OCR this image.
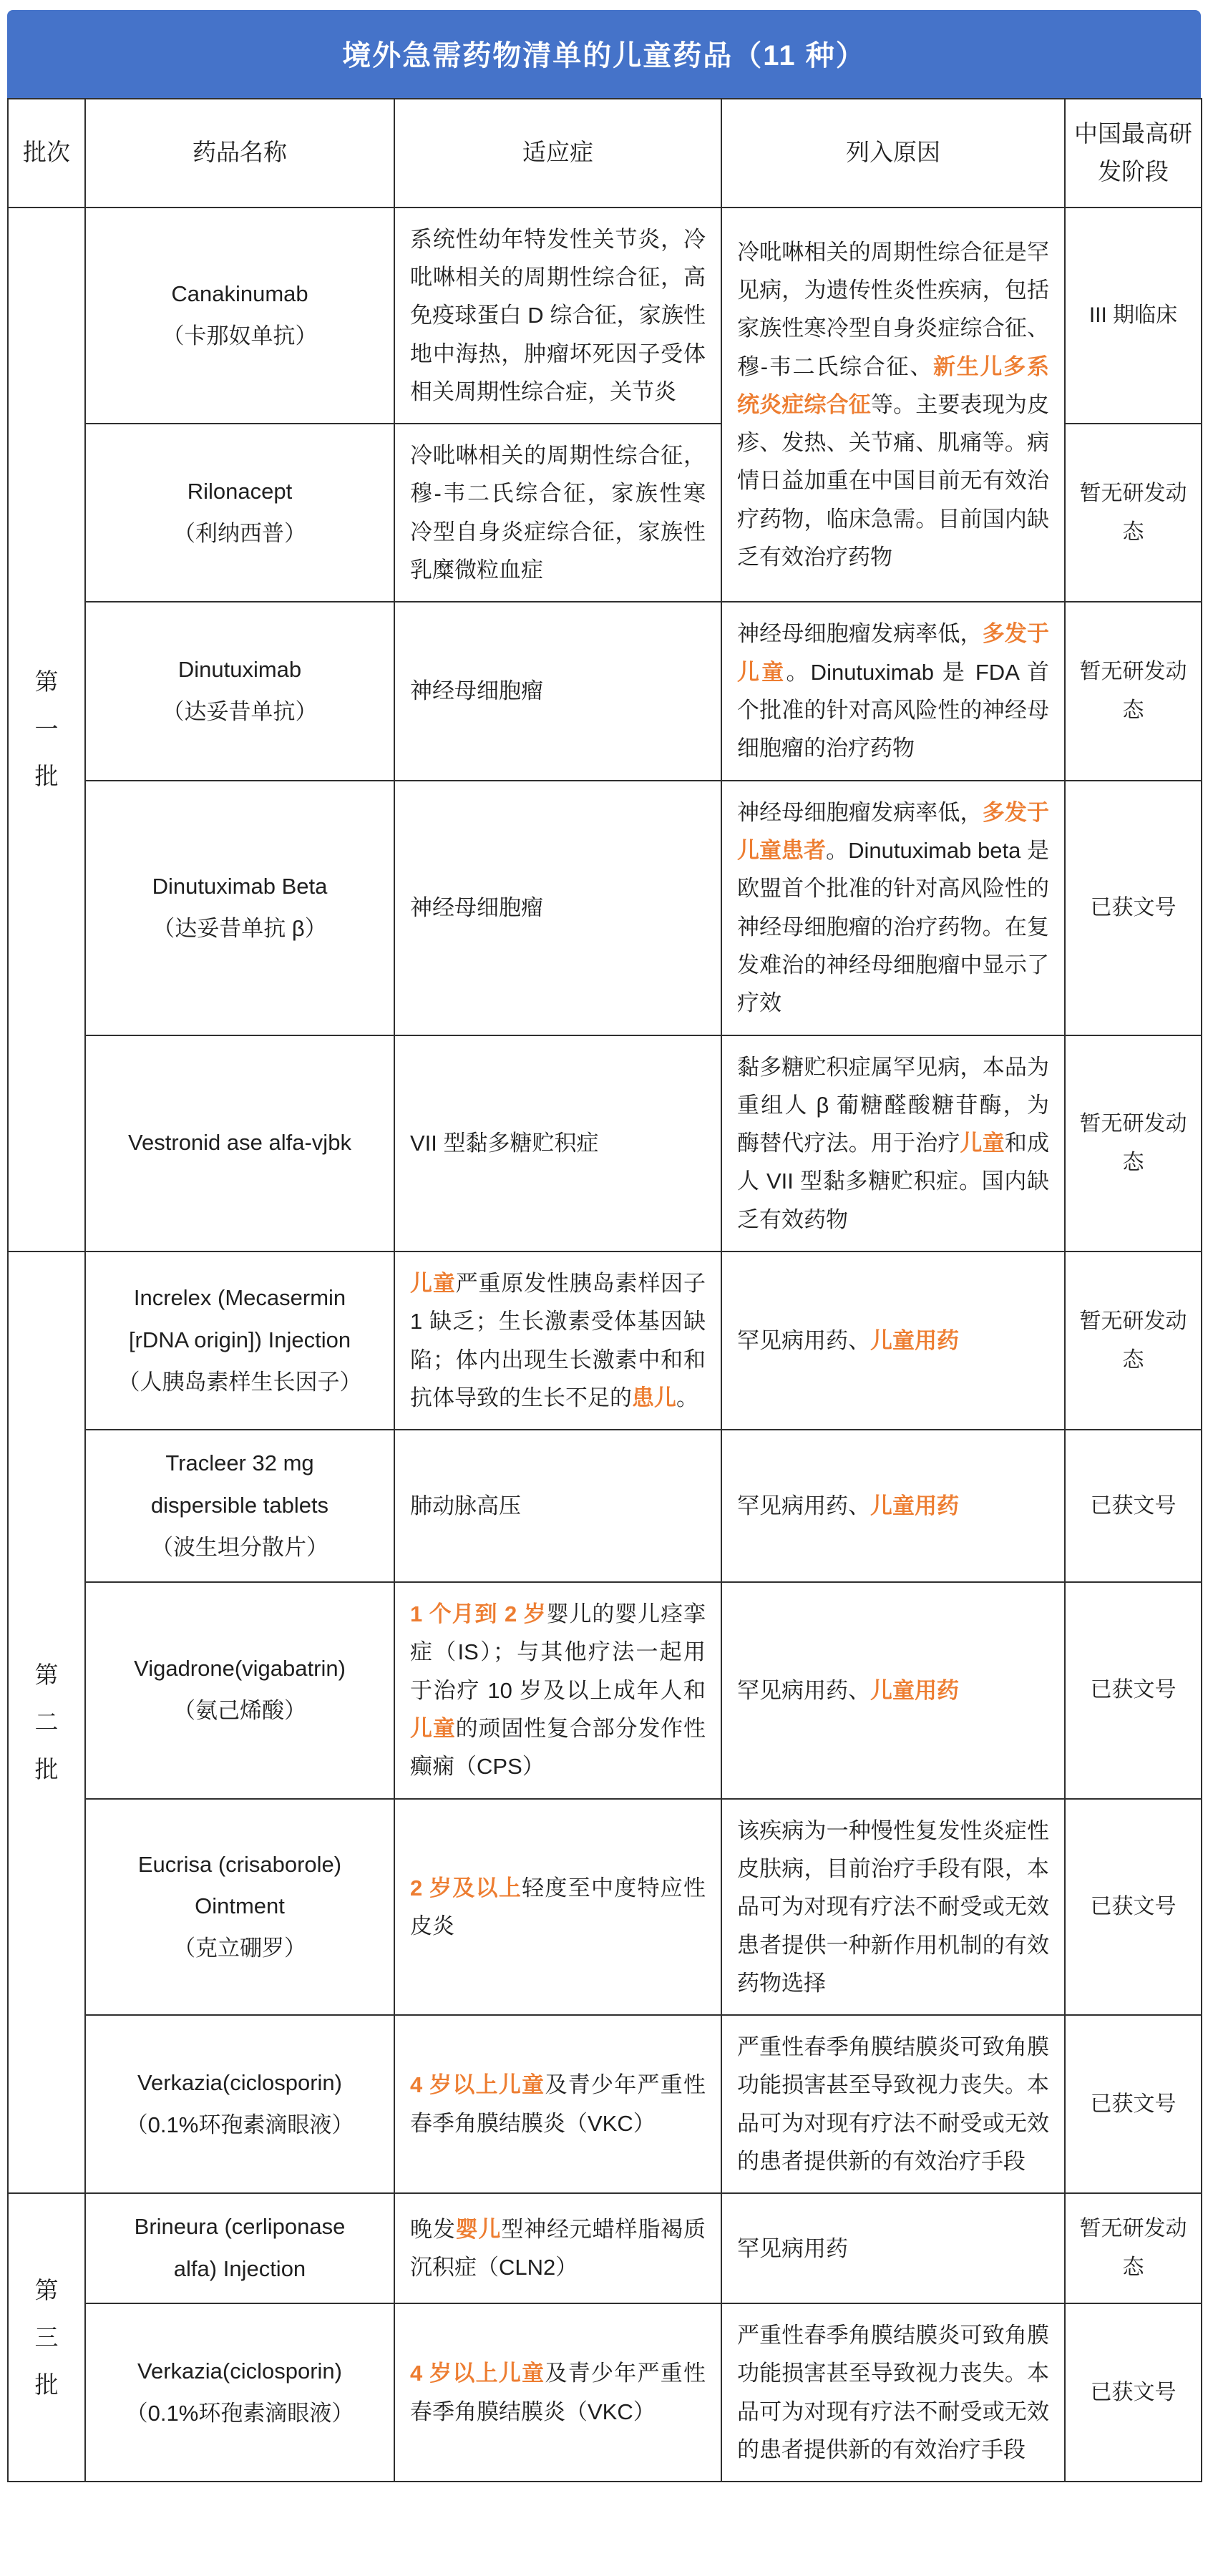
境外急需药物清单的儿童药品（11 种）
批次	药品名称	适应症	列入原因	中国最高研发阶段

第
一
批

Canakinumab
（卡那奴单抗）
	系统性幼年特发性关节炎，冷吡啉相关的周期性综合征，高免疫球蛋白 D 综合征，家族性地中海热，肿瘤坏死因子受体相关周期性综合症，关节炎	冷吡啉相关的周期性综合征是罕见病，为遗传性炎性疾病，包括家族性寒冷型自身炎症综合征、穆-韦二氏综合征、新生儿多系统炎症综合征等。主要表现为皮疹、发热、关节痛、肌痛等。病情日益加重在中国目前无有效治疗药物，临床急需。目前国内缺乏有效治疗药物	III 期临床

	Rilonacept
（利纳西普）	冷吡啉相关的周期性综合征，穆-韦二氏综合征，家族性寒冷型自身炎症综合征，家族性乳糜微粒血症		暂无研发动态

	Dinutuximab
（达妥昔单抗）	神经母细胞瘤	神经母细胞瘤发病率低，多发于儿童。Dinutuximab 是 FDA 首个批准的针对高风险性的神经母细胞瘤的治疗药物	暂无研发动态

	Dinutuximab Beta
（达妥昔单抗 β）	神经母细胞瘤	神经母细胞瘤发病率低，多发于儿童患者。Dinutuximab beta 是欧盟首个批准的针对高风险性的神经母细胞瘤的治疗药物。在复发难治的神经母细胞瘤中显示了疗效	已获文号

	Vestronid ase alfa-vjbk	VII 型黏多糖贮积症	黏多糖贮积症属罕见病，本品为重组人 β 葡糖醛酸糖苷酶，为酶替代疗法。用于治疗儿童和成人 VII 型黏多糖贮积症。国内缺乏有效药物	暂无研发动态

第
二
批

Increlex (Mecasermin
[rDNA origin]) Injection
（人胰岛素样生长因子）
	儿童严重原发性胰岛素样因子 1 缺乏；生长激素受体基因缺陷；体内出现生长激素中和和抗体导致的生长不足的患儿。	罕见病用药、儿童用药	暂无研发动态

	Tracleer 32 mg
dispersible tablets
（波生坦分散片）	肺动脉高压	罕见病用药、儿童用药	已获文号

	Vigadrone(vigabatrin)
（氨己烯酸）	1 个月到 2 岁婴儿的婴儿痉挛症（IS）；与其他疗法一起用于治疗 10 岁及以上成年人和儿童的顽固性复合部分发作性癫痫（CPS）	罕见病用药、儿童用药	已获文号

	Eucrisa (crisaborole)
Ointment
（克立硼罗）	2 岁及以上轻度至中度特应性皮炎	该疾病为一种慢性复发性炎症性皮肤病，目前治疗手段有限，本品可为对现有疗法不耐受或无效患者提供一种新作用机制的有效药物选择	已获文号

	Verkazia(ciclosporin)
（0.1%环孢素滴眼液）	4 岁以上儿童及青少年严重性春季角膜结膜炎（VKC）	严重性春季角膜结膜炎可致角膜功能损害甚至导致视力丧失。本品可为对现有疗法不耐受或无效的患者提供新的有效治疗手段	已获文号

第
三
批

Brineura (cerliponase
alfa) Injection
	晚发婴儿型神经元蜡样脂褐质沉积症（CLN2）	罕见病用药	暂无研发动态

	Verkazia(ciclosporin)
（0.1%环孢素滴眼液）	4 岁以上儿童及青少年严重性春季角膜结膜炎（VKC）	严重性春季角膜结膜炎可致角膜功能损害甚至导致视力丧失。本品可为对现有疗法不耐受或无效的患者提供新的有效治疗手段	已获文号
